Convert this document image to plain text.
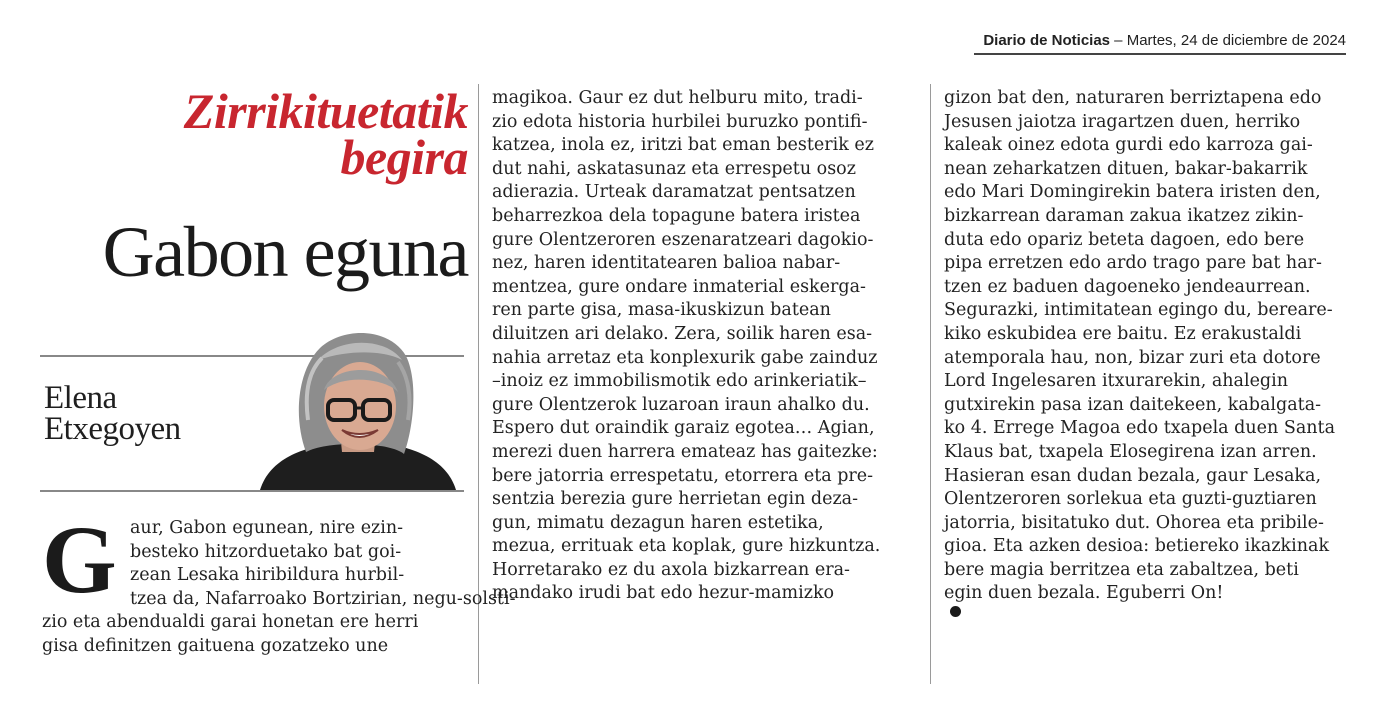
Diario de Noticias – Martes, 24 de diciembre de 2024
Zirrikituetatik
begira
Gabon eguna
Elena
Etxegoyen
G aur, Gabon egunean, nire ezin-
besteko hitzorduetako bat goi-
zean Lesaka hiribildura hurbil-
tzea da, Nafarroako Bortzirian, negu-solsti-
zio eta abendualdi garai honetan ere herri
gisa definitzen gaituena gozatzeko une
magikoa. Gaur ez dut helburu mito, tradi-
zio edota historia hurbilei buruzko pontifi-
katzea, inola ez, iritzi bat eman besterik ez
dut nahi, askatasunaz eta errespetu osoz
adierazia. Urteak daramatzat pentsatzen
beharrezkoa dela topagune batera iristea
gure Olentzeroren eszenaratzeari dagokio-
nez, haren identitatearen balioa nabar-
mentzea, gure ondare inmaterial eskerga-
ren parte gisa, masa-ikuskizun batean
diluitzen ari delako. Zera, soilik haren esa-
nahia arretaz eta konplexurik gabe zainduz
–inoiz ez immobilismotik edo arinkeriatik–
gure Olentzerok luzaroan iraun ahalko du.
Espero dut oraindik garaiz egotea… Agian,
merezi duen harrera emateaz has gaitezke:
bere jatorria errespetatu, etorrera eta pre-
sentzia berezia gure herrietan egin deza-
gun, mimatu dezagun haren estetika,
mezua, errituak eta koplak, gure hizkuntza.
Horretarako ez du axola bizkarrean era-
mandako irudi bat edo hezur-mamizko
gizon bat den, naturaren berriztapena edo
Jesusen jaiotza iragartzen duen, herriko
kaleak oinez edota gurdi edo karroza gai-
nean zeharkatzen dituen, bakar-bakarrik
edo Mari Domingirekin batera iristen den,
bizkarrean daraman zakua ikatzez zikin-
duta edo opariz beteta dagoen, edo bere
pipa erretzen edo ardo trago pare bat har-
tzen ez baduen dagoeneko jendeaurrean.
Segurazki, intimitatean egingo du, bereare-
kiko eskubidea ere baitu. Ez erakustaldi
atemporala hau, non, bizar zuri eta dotore
Lord Ingelesaren itxurarekin, ahalegin
gutxirekin pasa izan daitekeen, kabalgata-
ko 4. Errege Magoa edo txapela duen Santa
Klaus bat, txapela Elosegirena izan arren.
Hasieran esan dudan bezala, gaur Lesaka,
Olentzeroren sorlekua eta guzti-guztiaren
jatorria, bisitatuko dut. Ohorea eta pribile-
gioa. Eta azken desioa: betiereko ikazkinak
bere magia berritzea eta zabaltzea, beti
egin duen bezala. Eguberri On!
